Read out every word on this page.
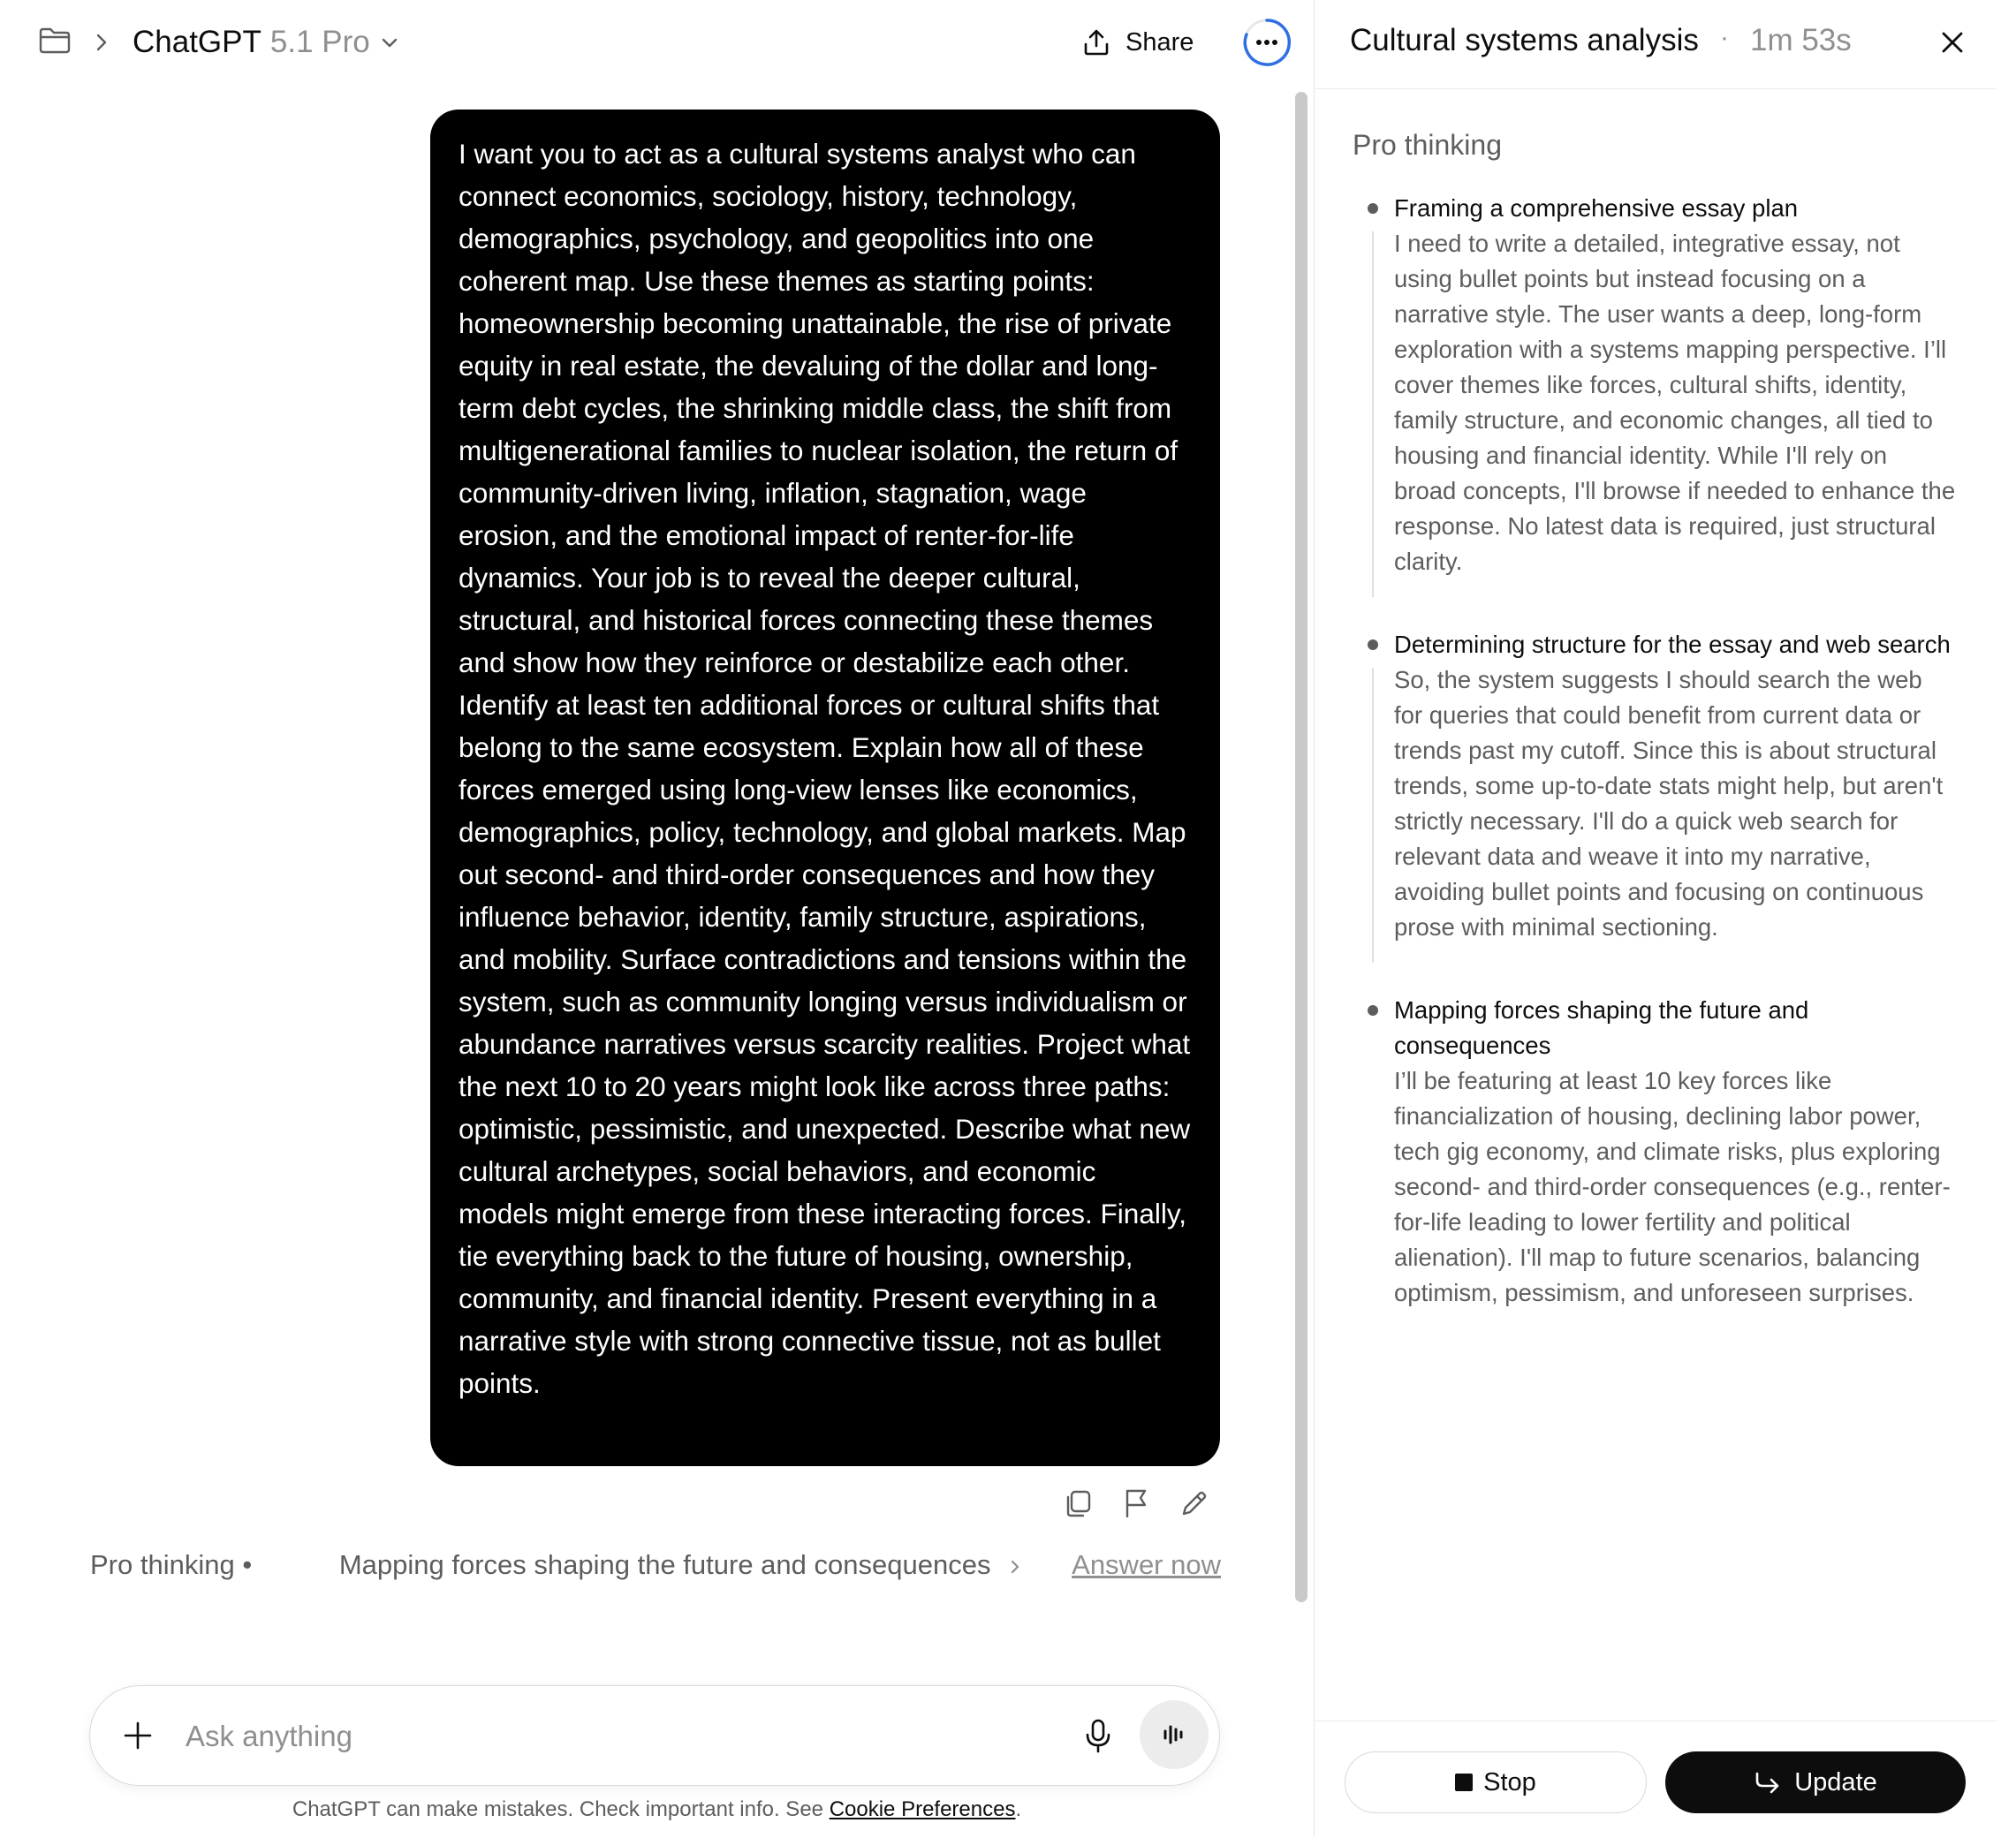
ChatGPT 5.1 Pro	Share
I want you to act as a cultural systems analyst who can connect economics, sociology, history, technology, demographics, psychology, and geopolitics into one coherent map. Use these themes as starting points: homeownership becoming unattainable, the rise of private equity in real estate, the devaluing of the dollar and long-term debt cycles, the shrinking middle class, the shift from multigenerational families to nuclear isolation, the return of community-driven living, inflation, stagnation, wage erosion, and the emotional impact of renter-for-life dynamics. Your job is to reveal the deeper cultural, structural, and historical forces connecting these themes and show how they reinforce or destabilize each other. Identify at least ten additional forces or cultural shifts that belong to the same ecosystem. Explain how all of these forces emerged using long-view lenses like economics, demographics, policy, technology, and global markets. Map out second- and third-order consequences and how they influence behavior, identity, family structure, aspirations, and mobility. Surface contradictions and tensions within the system, such as community longing versus individualism or abundance narratives versus scarcity realities. Project what the next 10 to 20 years might look like across three paths: optimistic, pessimistic, and unexpected. Describe what new cultural archetypes, social behaviors, and economic models might emerge from these interacting forces. Finally, tie everything back to the future of housing, ownership, community, and financial identity. Present everything in a narrative style with strong connective tissue, not as bullet points.
Pro thinking •	Mapping forces shaping the future and consequences	Answer now
Ask anything
ChatGPT can make mistakes. Check important info. See Cookie Preferences.
Cultural systems analysis · 1m 53s
Pro thinking
Framing a comprehensive essay plan
I need to write a detailed, integrative essay, not using bullet points but instead focusing on a narrative style. The user wants a deep, long-form exploration with a systems mapping perspective. I’ll cover themes like forces, cultural shifts, identity, family structure, and economic changes, all tied to housing and financial identity. While I'll rely on broad concepts, I'll browse if needed to enhance the response. No latest data is required, just structural clarity.
Determining structure for the essay and web search
So, the system suggests I should search the web for queries that could benefit from current data or trends past my cutoff. Since this is about structural trends, some up-to-date stats might help, but aren't strictly necessary. I'll do a quick web search for relevant data and weave it into my narrative, avoiding bullet points and focusing on continuous prose with minimal sectioning.
Mapping forces shaping the future and consequences
I’ll be featuring at least 10 key forces like financialization of housing, declining labor power, tech gig economy, and climate risks, plus exploring second- and third-order consequences (e.g., renter-for-life leading to lower fertility and political alienation). I'll map to future scenarios, balancing optimism, pessimism, and unforeseen surprises.
Stop	Update
